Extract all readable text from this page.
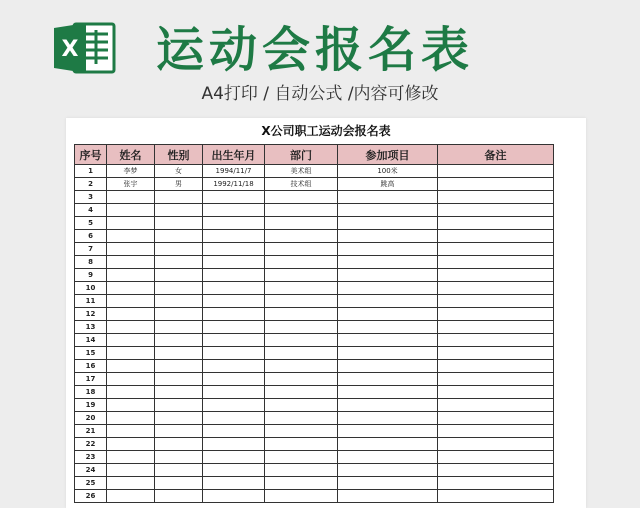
X 运动会报名表
A4打印 / 自动公式 /内容可修改
X公司职工运动会报名表
序号	姓名	性别	出生年月	部门	参加项目	备注
1	李梦	女	1994/11/7	美术组	100米	
2	张宇	男	1992/11/18	技术组	跳高	
3						
4						
5						
6						
7						
8						
9						
10						
11						
12						
13						
14						
15						
16						
17						
18						
19						
20						
21						
22						
23						
24						
25						
26						
